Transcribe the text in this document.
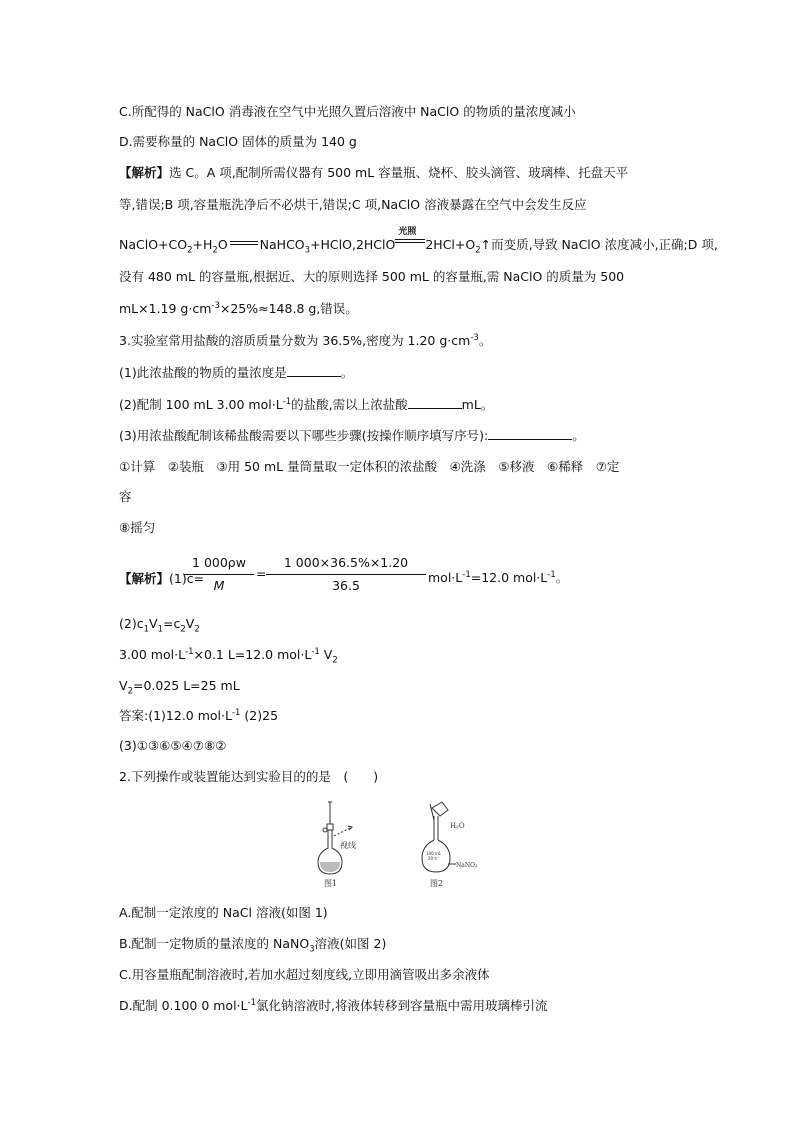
C.所配得的 NaClO 消毒液在空气中光照久置后溶液中 NaClO 的物质的量浓度减小
D.需要称量的 NaClO 固体的质量为 140 g
【解析】选 C。A 项,配制所需仪器有 500 mL 容量瓶、烧杯、胶头滴管、玻璃棒、托盘天平
等,错误;B 项,容量瓶洗净后不必烘干,错误;C 项,NaClO 溶液暴露在空气中会发生反应
$NaClO+CO_2+H_2O$	NaHCO$_3$+HClO,2HClO
光照
$2HCl+O_2↑$而变质,导致 NaClO 浓度减小,正确;D 项,
没有 480 mL 的容量瓶,根据近、大的原则选择 500 mL 的容量瓶,需 NaClO 的质量为 500
mL×1.19 $g\cdot cm^{-3}\times 25\%\approx 148.8$ g,错误。
3.实验室常用盐酸的溶质质量分数为 36.5%,密度为 1.20 $g\cdot cm^{-3}$。
(1)此浓盐酸的物质的量浓度是	。
(2)配制 100 mL 3.00 $mol\cdot L^{-1}$的盐酸,需以上浓盐酸	mL。
(3)用浓盐酸配制该稀盐酸需要以下哪些步骤(按操作顺序填写序号):	。
①计算　②装瓶　③用 50 mL 量筒量取一定体积的浓盐酸　④洗涤　⑤移液　⑥稀释　⑦定
容
⑧摇匀
【解析】(1)c=
1 000ρw
M
=
1 000×36.5%×1.20
36.5
$mol\cdot L^{-1}=12.0$ $mol\cdot L^{-1}$。
$(2)c_1V_1=c_2V_2$
3.00 $mol\cdot L^{-1}\times 0.1$ L=12.0 $mol\cdot L^{-1}$ $V_2$
$V_2=0.025$ L=25 mL
答案:(1)12.0 $mol\cdot L^{-1}$ (2)25
(3)①③⑥⑤④⑦⑧②
2.下列操作或装置能达到实验目的的是　(　　)
视线
图1
100 mL
20℃
H₂O
NaNO₃
图2
A.配制一定浓度的 NaCl 溶液(如图 1)
B.配制一定物质的量浓度的 NaNO$_3$溶液(如图 2)
C.用容量瓶配制溶液时,若加水超过刻度线,立即用滴管吸出多余液体
D.配制 0.100 0 $mol\cdot L^{-1}$氯化钠溶液时,将液体转移到容量瓶中需用玻璃棒引流
